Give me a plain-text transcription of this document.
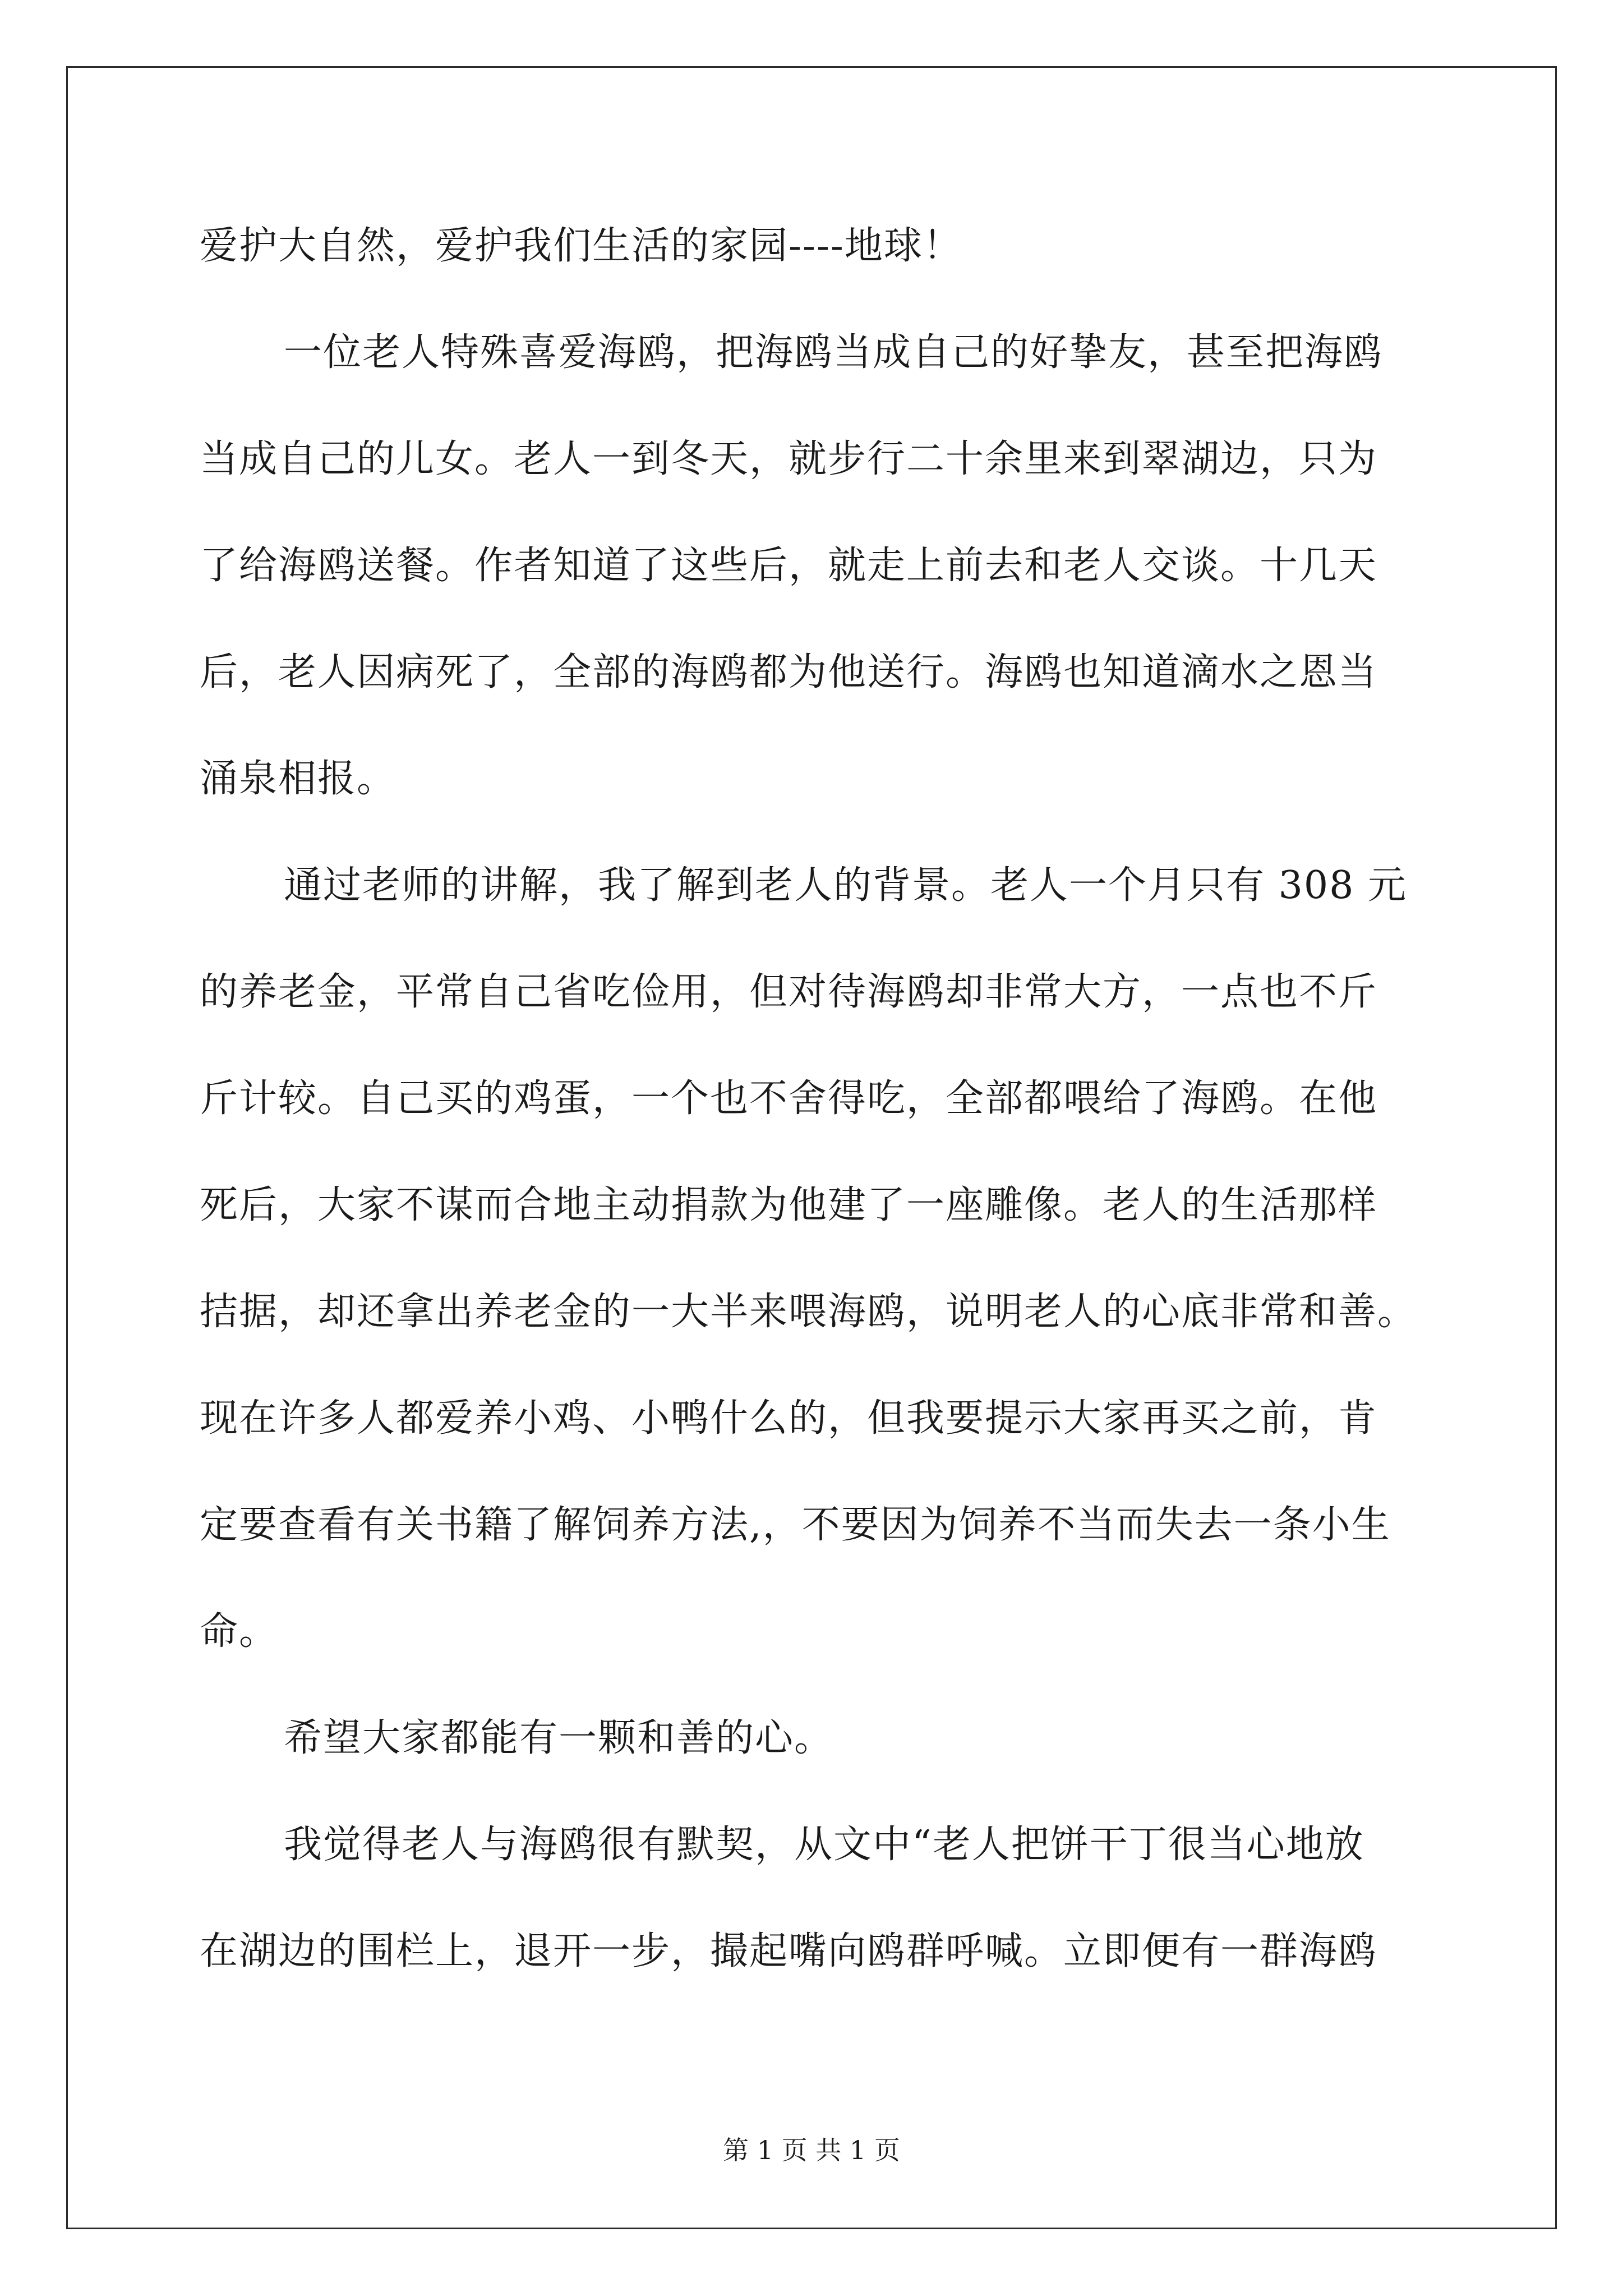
爱护大自然，爱护我们生活的家园----地球！
一位老人特殊喜爱海鸥，把海鸥当成自己的好挚友，甚至把海鸥
当成自己的儿女。老人一到冬天，就步行二十余里来到翠湖边，只为
了给海鸥送餐。作者知道了这些后，就走上前去和老人交谈。十几天
后，老人因病死了，全部的海鸥都为他送行。海鸥也知道滴水之恩当
涌泉相报。
通过老师的讲解，我了解到老人的背景。老人一个月只有 308 元
的养老金，平常自己省吃俭用，但对待海鸥却非常大方，一点也不斤
斤计较。自己买的鸡蛋，一个也不舍得吃，全部都喂给了海鸥。在他
死后，大家不谋而合地主动捐款为他建了一座雕像。老人的生活那样
拮据，却还拿出养老金的一大半来喂海鸥，说明老人的心底非常和善。
现在许多人都爱养小鸡、小鸭什么的，但我要提示大家再买之前，肯
定要查看有关书籍了解饲养方法,，不要因为饲养不当而失去一条小生
命。
希望大家都能有一颗和善的心。
我觉得老人与海鸥很有默契，从文中“老人把饼干丁很当心地放
在湖边的围栏上，退开一步，撮起嘴向鸥群呼喊。立即便有一群海鸥
第 1 页 共 1 页
